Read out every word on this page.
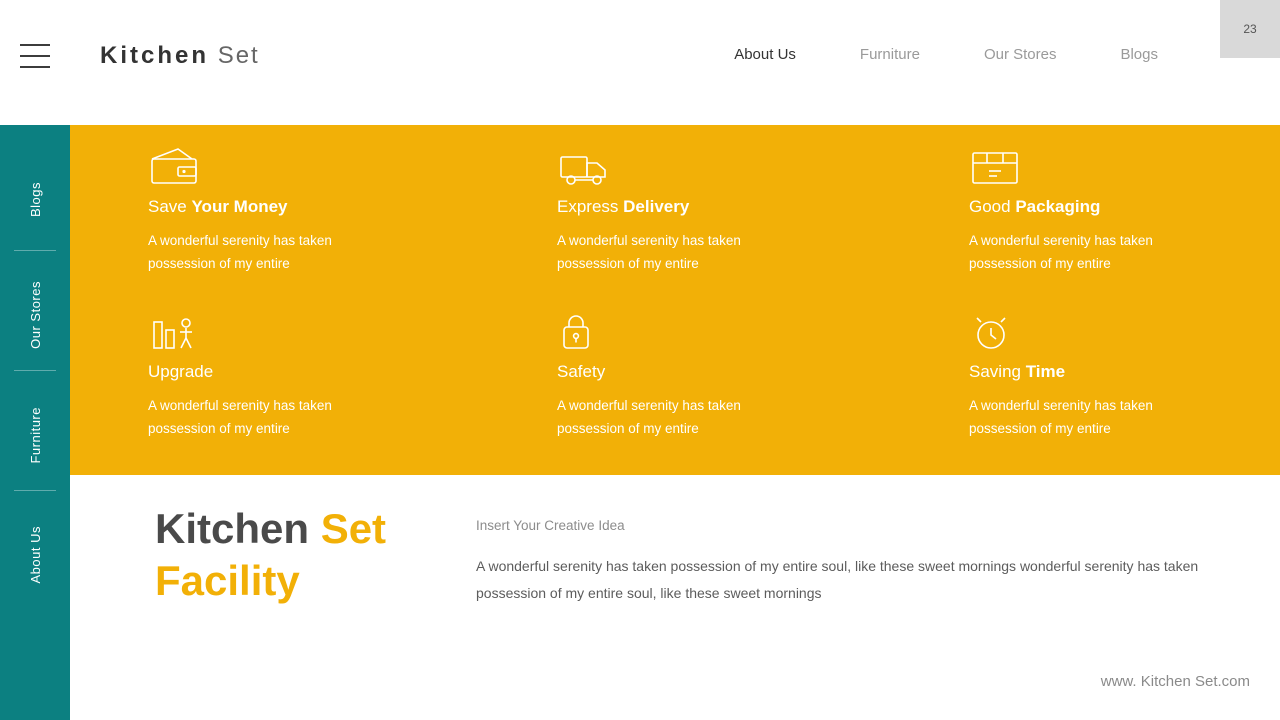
Kitchen Set	About Us	Furniture	Our Stores	Blogs
23
Blogs
Our Stores
Furniture
About Us
Save Your Money
A wonderful serenity has taken possession of my entire
Express Delivery
A wonderful serenity has taken possession of my entire
Good Packaging
A wonderful serenity has taken possession of my entire
Upgrade
A wonderful serenity has taken possession of my entire
Safety
A wonderful serenity has taken possession of my entire
Saving Time
A wonderful serenity has taken possession of my entire
Kitchen Set
Facility
Insert Your Creative Idea
A wonderful serenity has taken possession of my entire soul, like these sweet mornings wonderful serenity has taken possession of my entire soul, like these sweet mornings
www. Kitchen Set.com
